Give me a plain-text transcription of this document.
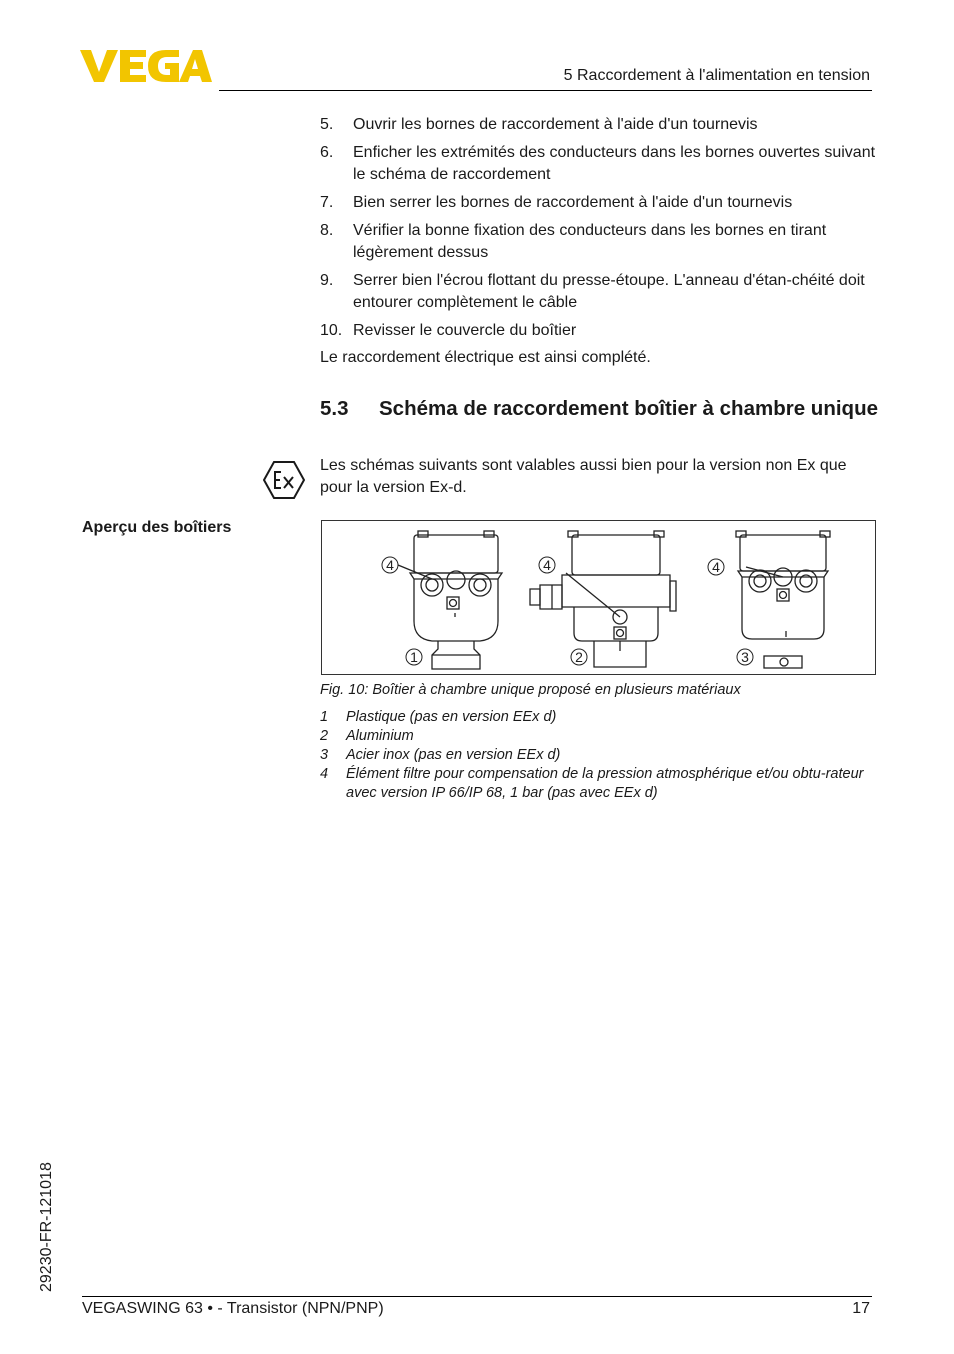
5 Raccordement à l'alimentation en tension
5. Ouvrir les bornes de raccordement à l'aide d'un tournevis
6. Enficher les extrémités des conducteurs dans les bornes ouvertes suivant le schéma de raccordement
7. Bien serrer les bornes de raccordement à l'aide d'un tournevis
8. Vérifier la bonne fixation des conducteurs dans les bornes en tirant légèrement dessus
9. Serrer bien l'écrou flottant du presse-étoupe. L'anneau d'étan-chéité doit entourer complètement le câble
10. Revisser le couvercle du boîtier
Le raccordement électrique est ainsi complété.
5.3	Schéma de raccordement boîtier à chambre unique
Les schémas suivants sont valables aussi bien pour la version non Ex que pour la version Ex-d.
Aperçu des boîtiers
4	4	4
1	2	3
Fig. 10: Boîtier à chambre unique proposé en plusieurs matériaux
1 Plastique (pas en version EEx d)
2 Aluminium
3 Acier inox (pas en version EEx d)
4 Élément filtre pour compensation de la pression atmosphérique et/ou obtu-rateur avec version IP 66/IP 68, 1 bar (pas avec EEx d)
29230-FR-121018
VEGASWING 63 • - Transistor (NPN/PNP)	17
